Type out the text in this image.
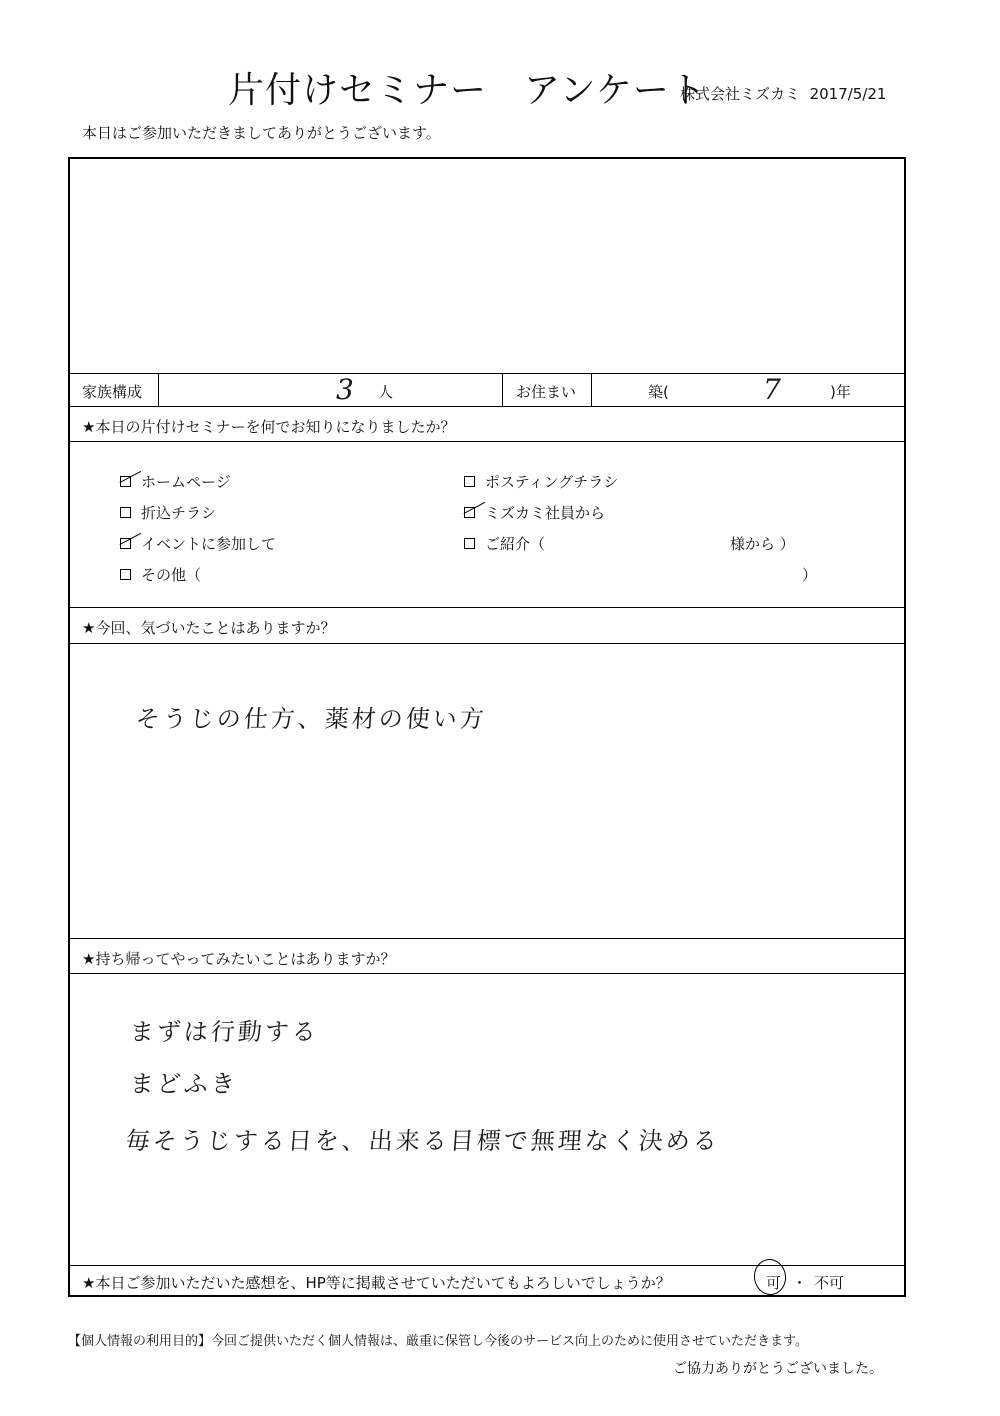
片付けセミナー　アンケート
株式会社ミズカミ 2017/5/21
本日はご参加いただきましてありがとうございます。
家族構成	3 人	お住まい	築(	7	)年
★本日の片付けセミナーを何でお知りになりましたか？
ホームページ	ポスティングチラシ
折込チラシ	ミズカミ社員から
イベントに参加して	ご紹介（	様から ）
その他（	）
★今回、気づいたことはありますか？
そうじの仕方、薬材の使い方
★持ち帰ってやってみたいことはありますか？
まずは行動する
まどふき
毎そうじする日を、出来る目標で無理なく決める
★本日ご参加いただいた感想を、HP等に掲載させていただいてもよろしいでしょうか？	可 ・ 不可
【個人情報の利用目的】今回ご提供いただく個人情報は、厳重に保管し今後のサービス向上のために使用させていただきます。
ご協力ありがとうございました。
